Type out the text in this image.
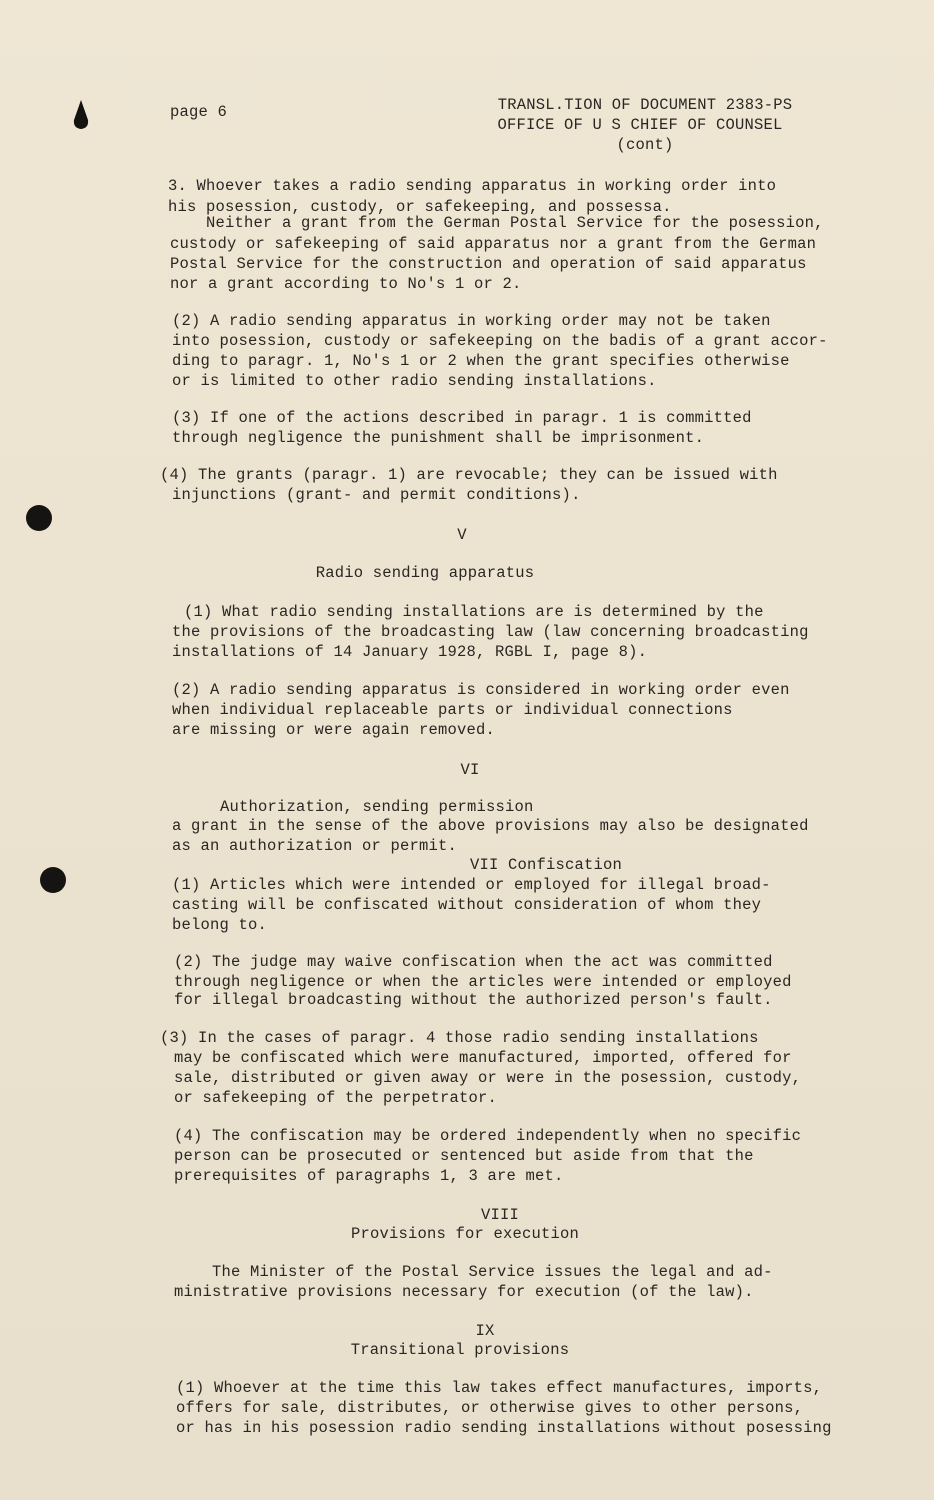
page 6	TRANSL.TION OF DOCUMENT 2383-PS
OFFICE OF U S CHIEF OF COUNSEL
(cont)
3. Whoever takes a radio sending apparatus in working order into
his posession, custody, or safekeeping, and possessa.
Neither a grant from the German Postal Service for the posession,
custody or safekeeping of said apparatus nor a grant from the German
Postal Service for the construction and operation of said apparatus
nor a grant according to No's 1 or 2.
(2) A radio sending apparatus in working order may not be taken
into posession, custody or safekeeping on the badis of a grant accor-
ding to paragr. 1, No's 1 or 2 when the grant specifies otherwise
or is limited to other radio sending installations.
(3) If one of the actions described in paragr. 1 is committed
through negligence the punishment shall be imprisonment.
(4) The grants (paragr. 1) are revocable; they can be issued with
injunctions (grant- and permit conditions).
V
Radio sending apparatus
(1) What radio sending installations are is determined by the
the provisions of the broadcasting law (law concerning broadcasting
installations of 14 January 1928, RGBL I, page 8).
(2) A radio sending apparatus is considered in working order even
when individual replaceable parts or individual connections
are missing or were again removed.
VI
Authorization, sending permission
a grant in the sense of the above provisions may also be designated
as an authorization or permit.
VII Confiscation
(1) Articles which were intended or employed for illegal broad-
casting will be confiscated without consideration of whom they
belong to.
(2) The judge may waive confiscation when the act was committed
through negligence or when the articles were intended or employed
for illegal broadcasting without the authorized person's fault.
(3) In the cases of paragr. 4 those radio sending installations
may be confiscated which were manufactured, imported, offered for
sale, distributed or given away or were in the posession, custody,
or safekeeping of the perpetrator.
(4) The confiscation may be ordered independently when no specific
person can be prosecuted or sentenced but aside from that the
prerequisites of paragraphs 1, 3 are met.
VIII
Provisions for execution
The Minister of the Postal Service issues the legal and ad-
ministrative provisions necessary for execution (of the law).
IX
Transitional provisions
(1) Whoever at the time this law takes effect manufactures, imports,
offers for sale, distributes, or otherwise gives to other persons,
or has in his posession radio sending installations without posessing
